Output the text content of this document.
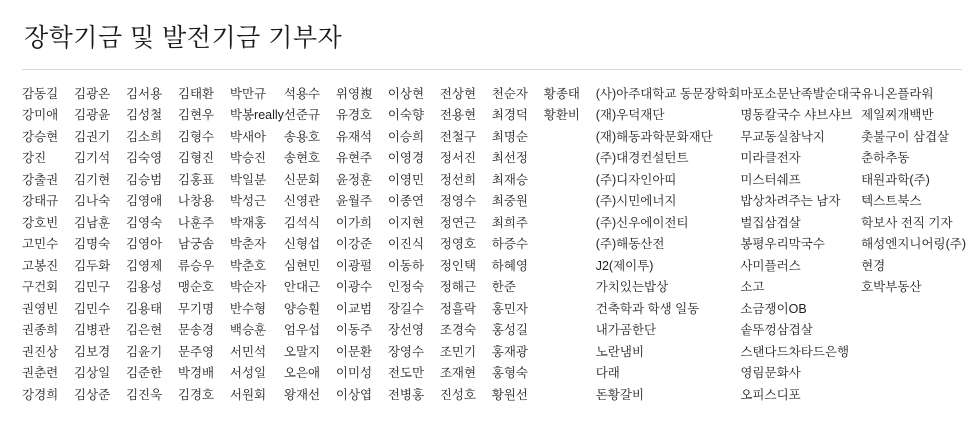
장학기금 및 발전기금 기부자
감동길
강미애
강승현
강진
강출권
강태규
강호빈
고민수
고봉진
구건회
권영빈
권종희
권진상
권춘련
강경희
김광온
김광윤
김권기
김기석
김기현
김나숙
김남훈
김명숙
김두화
김민구
김민수
김병관
김보경
김상일
김상준
김서용
김성철
김소희
김숙영
김승범
김영애
김영숙
김영아
김영제
김용성
김용태
김은현
김윤기
김준한
김진욱
김태환
김현우
김형수
김형진
김홍표
나창용
나훈주
남궁솜
류승우
맹순호
무기명
문송경
문주영
박경배
김경호
박만규
박봉really
박새아
박승진
박일분
박성근
박재홍
박춘자
박춘호
박순자
반수형
백승훈
서민석
서성일
서원회
석용수
선준규
송용호
송현호
신문회
신영관
김석식
신형섭
심현민
안대근
양승훤
엄우섭
오말지
오은애
왕재선
위영複
유경호
유재석
유현주
윤정훈
윤월주
이가희
이강준
이광펄
이광수
이교범
이동주
이문환
이미성
이상엽
이상현
이숙향
이승희
이영경
이영민
이종연
이지현
이진식
이동하
인정숙
장길수
장선영
장영수
전도만
전병홍
전상현
전용현
전철구
정서진
정선희
정영수
정연근
정영호
정인택
정해근
정흘락
조경숙
조민기
조재현
진성호
천순자
최경덕
최명순
최선정
최재승
최중원
최희주
하증수
하혜영
한준
홍민자
홍성길
홍재광
홍형숙
황원선
황종태
황환비
(사)아주대학교 동문장학회
(재)우덕재단
(재)해동과학문화재단
(주)대경컨설턴트
(주)디자인아띠
(주)시민에너지
(주)신우에이전티
(주)해동산전
J2(제이투)
가치있는밥상
건축학과 학생 일동
내가곰한단
노란냄비
다래
돈황갈비
마포소문난족발순대국
명동칼국수 샤브샤브
무교동실참낙지
미라클전자
미스터쉐프
밥상차려주는 남자
벌집삼겹살
봉평우리막국수
사미플러스
소고
소금쟁이OB
솥뚜껑삼겹살
스탠다드차타드은행
영림문화사
오피스디포
유니온플라워
제일찌개백반
촛불구이 삼겹살
춘하추동
태원과학(주)
텍스트북스
학보사 전직 기자
해성엔지니어링(주)
현경
호박부동산
